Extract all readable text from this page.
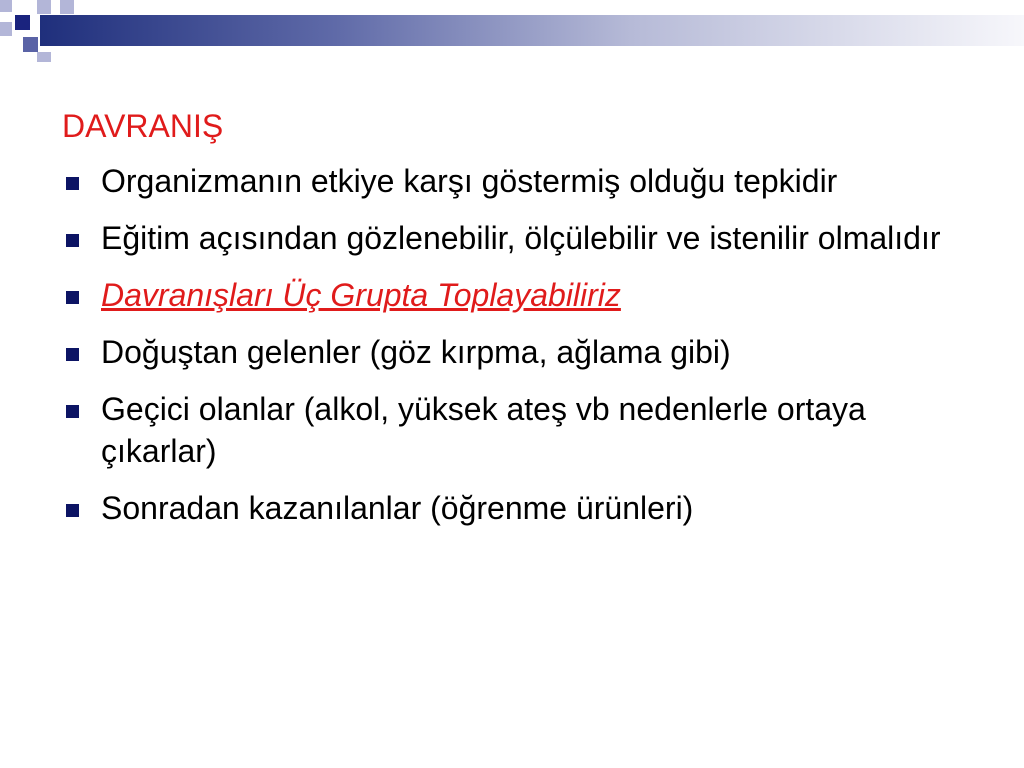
DAVRANIŞ
Organizmanın etkiye karşı göstermiş olduğu tepkidir
Eğitim açısından gözlenebilir, ölçülebilir ve istenilir olmalıdır
Davranışları Üç Grupta Toplayabiliriz
Doğuştan gelenler (göz kırpma, ağlama gibi)
Geçici olanlar (alkol, yüksek ateş vb nedenlerle ortaya çıkarlar)
Sonradan kazanılanlar (öğrenme ürünleri)
